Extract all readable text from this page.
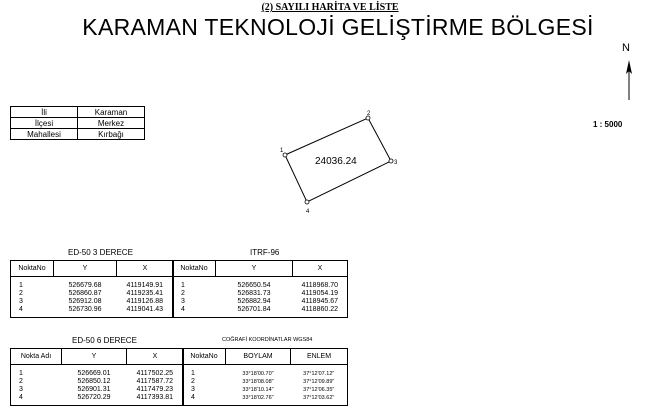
(2) SAYILI HARİTA VE LİSTE
KARAMAN TEKNOLOJİ GELİŞTİRME BÖLGESİ
N
1 : 5000
İli	Karaman
İlçesi	Merkez
Mahallesi	Kırbağı
1
2
3
4
24036.24
ED-50 3 DERECE
NoktaNo	Y	X

1	526679.68	4119149.91
2	526860.87	4119235.41
3	526912.08	4119126.88
4	526730.96	4119041.43
ITRF-96
NoktaNo	Y	X

1	526650.54	4118968.70
2	526831.73	4119054.19
3	526882.94	4118945.67
4	526701.84	4118860.22
ED-50 6 DERECE
Nokta Adı	Y	X

1	526669.01	4117502.25
2	526850.12	4117587.72
3	526901.31	4117479.23
4	526720.29	4117393.81
COĞRAFİ KOORDİNATLAR WGS84
NoktaNo	BOYLAM	ENLEM

1	33°18'00.70"	37°12'07.12"
2	33°18'08.08"	37°12'09.89"
3	33°18'10.14"	37°12'06.35"
4	33°18'02.76"	37°12'03.62"
